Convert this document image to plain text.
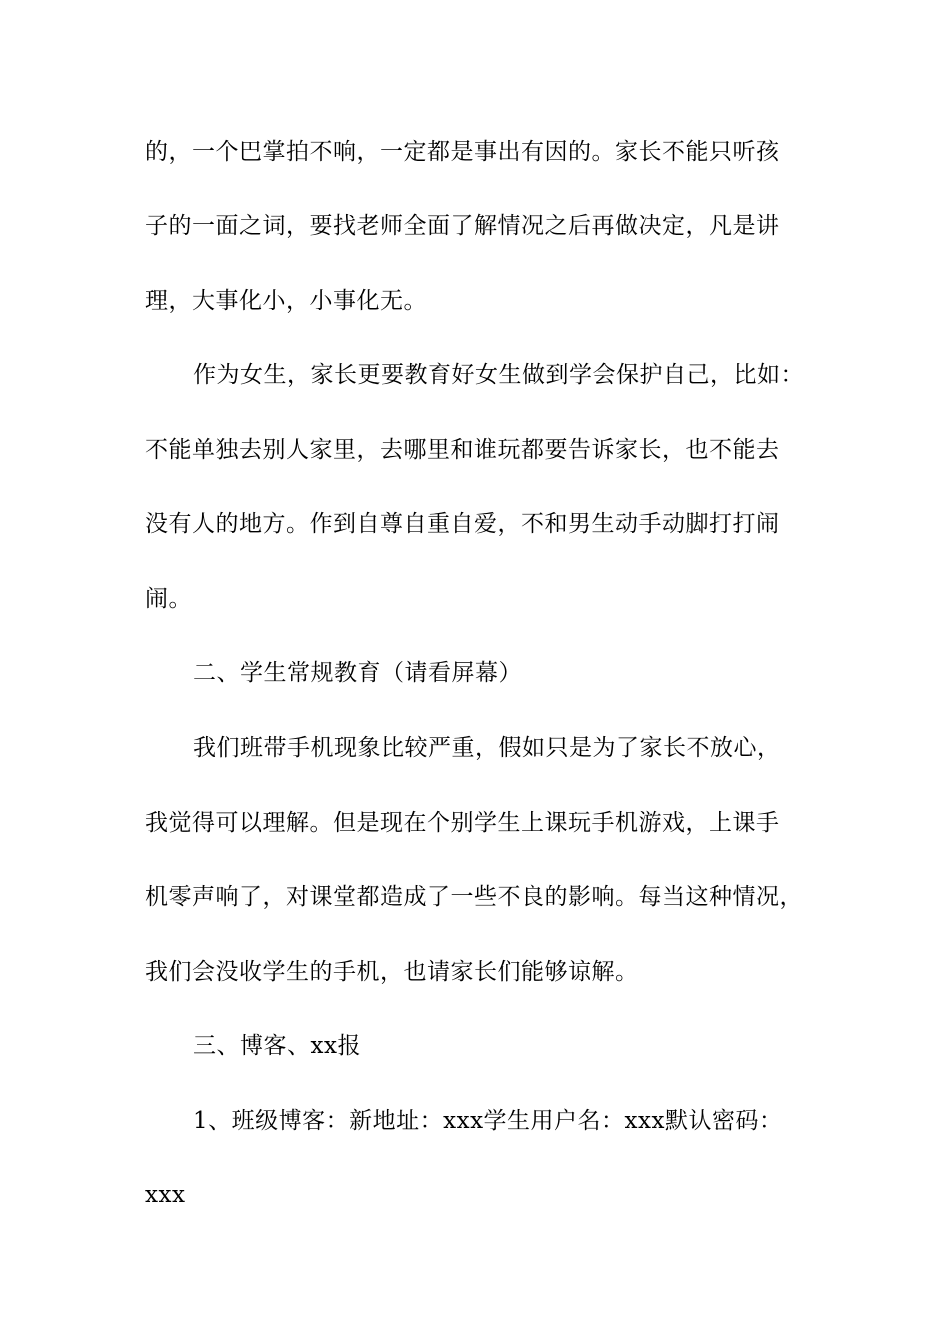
的，一个巴掌拍不响，一定都是事出有因的。家长不能只听孩
子的一面之词，要找老师全面了解情况之后再做决定，凡是讲
理，大事化小，小事化无。
作为女生，家长更要教育好女生做到学会保护自己，比如：
不能单独去别人家里，去哪里和谁玩都要告诉家长，也不能去
没有人的地方。作到自尊自重自爱，不和男生动手动脚打打闹
闹。
二、学生常规教育（请看屏幕）
我们班带手机现象比较严重，假如只是为了家长不放心，
我觉得可以理解。但是现在个别学生上课玩手机游戏，上课手
机零声响了，对课堂都造成了一些不良的影响。每当这种情况，
我们会没收学生的手机，也请家长们能够谅解。
三、博客、xx报
1、班级博客：新地址：xxx学生用户名：xxx默认密码：
xxx
